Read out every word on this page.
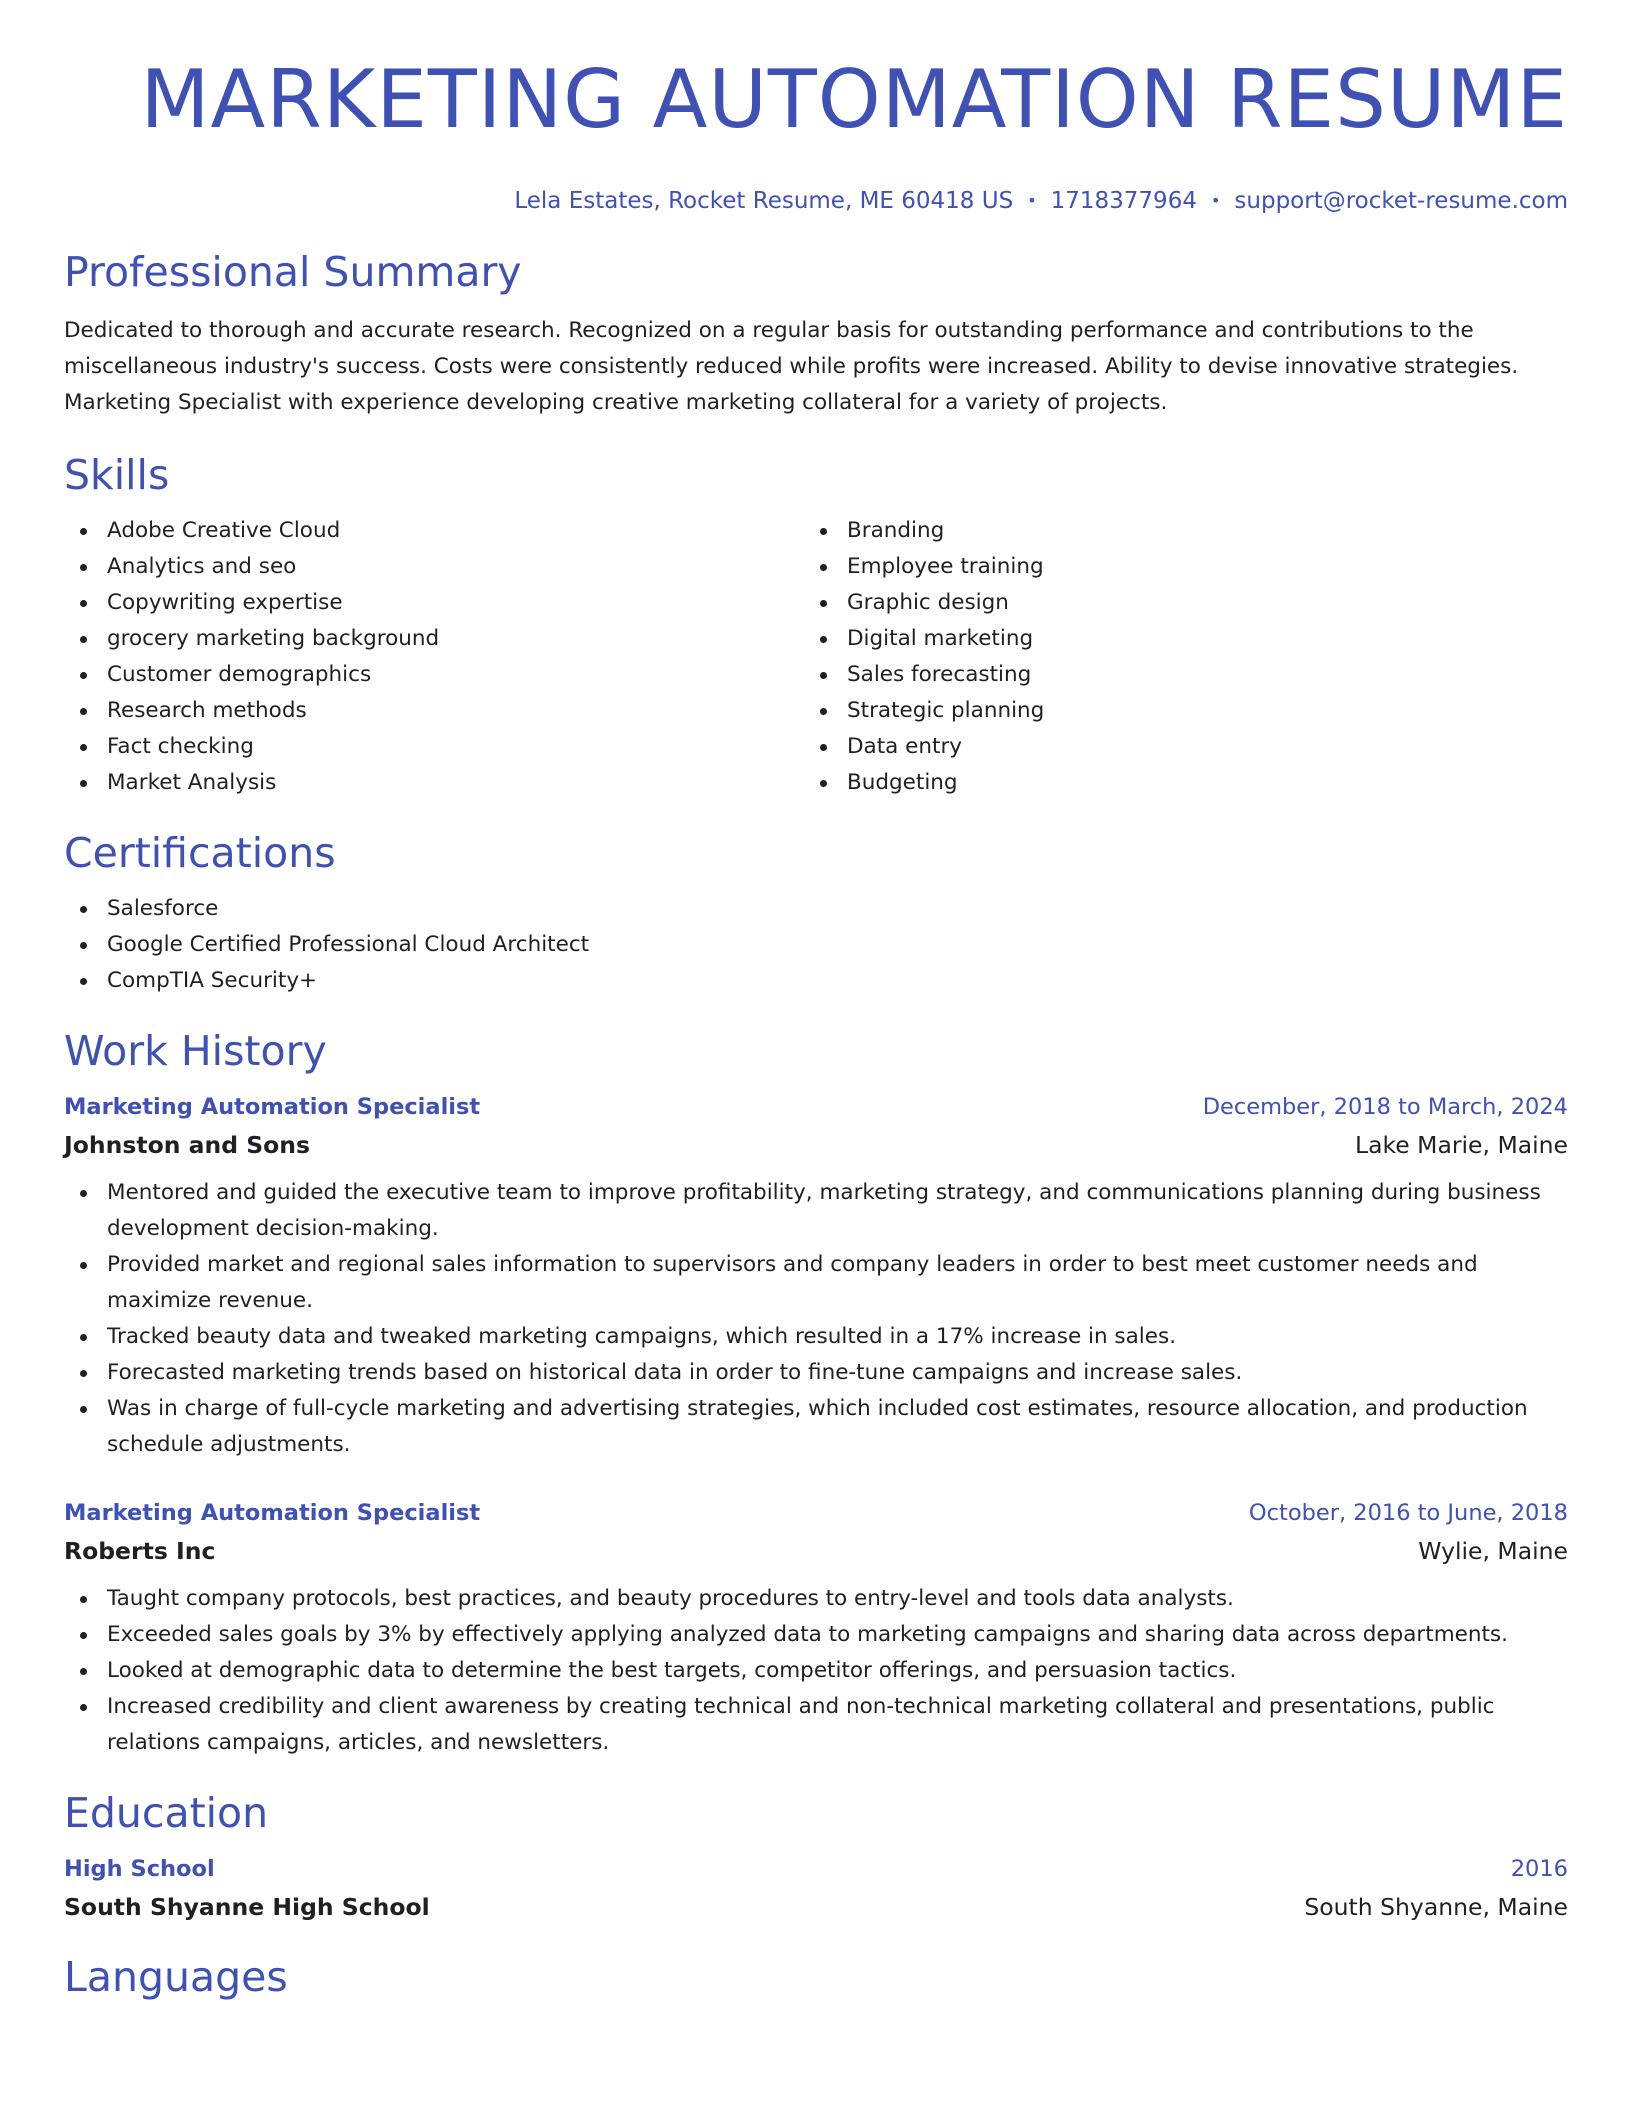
MARKETING AUTOMATION RESUME
Lela Estates, Rocket Resume, ME 60418 US • 1718377964 • support@rocket-resume.com
Professional Summary

Dedicated to thorough and accurate research. Recognized on a regular basis for outstanding performance and contributions to the miscellaneous industry's success. Costs were consistently reduced while profits were increased. Ability to devise innovative strategies. Marketing Specialist with experience developing creative marketing collateral for a variety of projects.

Skills
Adobe Creative Cloud
Analytics and seo
Copywriting expertise
grocery marketing background
Customer demographics
Research methods
Fact checking
Market Analysis
Branding
Employee training
Graphic design
Digital marketing
Sales forecasting
Strategic planning
Data entry
Budgeting
Certifications
Salesforce
Google Certified Professional Cloud Architect
CompTIA Security+
Work History
Marketing Automation Specialist	December, 2018 to March, 2024
Johnston and Sons	Lake Marie, Maine
Mentored and guided the executive team to improve profitability, marketing strategy, and communications planning during business development decision-making.
Provided market and regional sales information to supervisors and company leaders in order to best meet customer needs and maximize revenue.
Tracked beauty data and tweaked marketing campaigns, which resulted in a 17% increase in sales.
Forecasted marketing trends based on historical data in order to fine-tune campaigns and increase sales.
Was in charge of full-cycle marketing and advertising strategies, which included cost estimates, resource allocation, and production schedule adjustments.
Marketing Automation Specialist	October, 2016 to June, 2018
Roberts Inc	Wylie, Maine
Taught company protocols, best practices, and beauty procedures to entry-level and tools data analysts.
Exceeded sales goals by 3% by effectively applying analyzed data to marketing campaigns and sharing data across departments.
Looked at demographic data to determine the best targets, competitor offerings, and persuasion tactics.
Increased credibility and client awareness by creating technical and non-technical marketing collateral and presentations, public relations campaigns, articles, and newsletters.
Education
High School	2016
South Shyanne High School	South Shyanne, Maine
Languages
